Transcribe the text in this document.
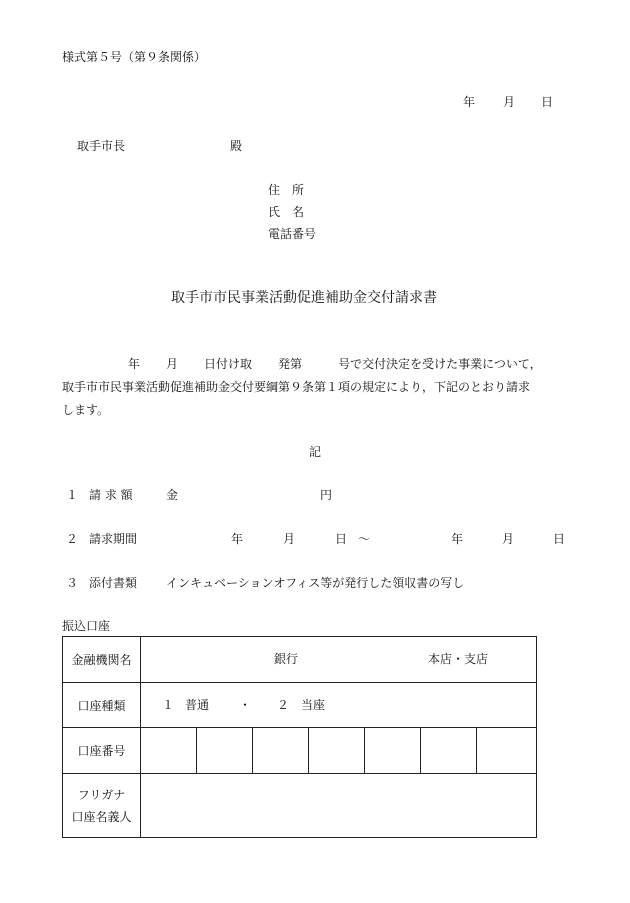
様式第５号（第９条関係）
年 月 日
取手市長	殿
住　所
氏　名
電話番号
取手市市民事業活動促進補助金交付請求書

年 月 日付け取 発第	号で交付決定を受けた事業について，

取手市市民事業活動促進補助金交付要綱第９条第１項の規定により，下記のとおり請求

します。

記
１ 請 求 額	金	円
２ 請求期間	年	月	日 ～	年	月	日
３ 添付書類 インキュベーションオフィス等が発行した領収書の写し
振込口座
金融機関名	銀行 本店・支店						

口座種類	１ 普通 ・ ２ 当座						

口座番号							

フリガナ
口座名義人							
